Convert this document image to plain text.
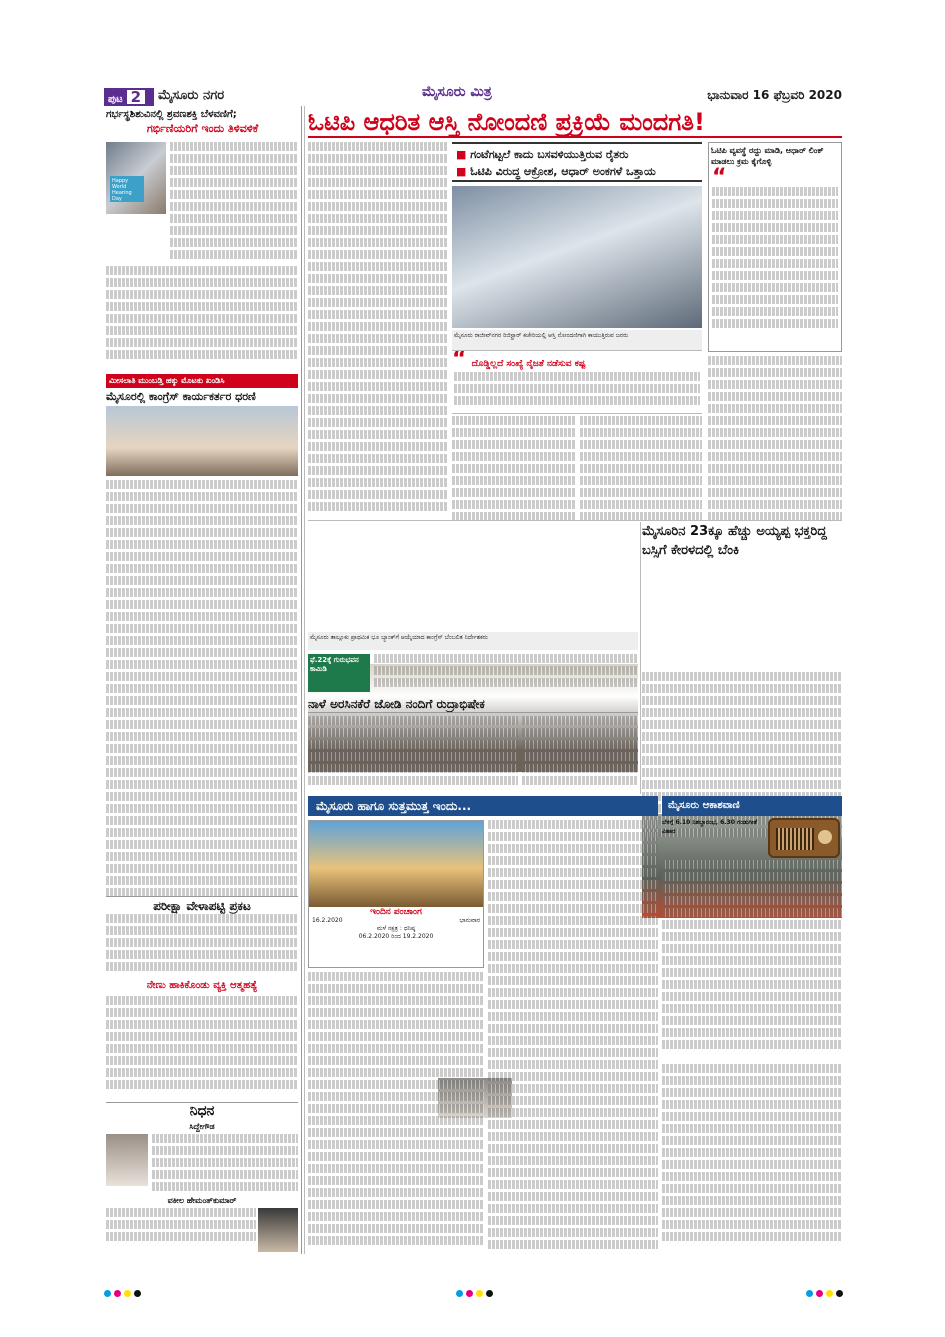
ಪುಟ 2	ಮೈಸೂರು ನಗರ	ಮೈಸೂರು ಮಿತ್ರ	ಭಾನುವಾರ 16 ಫೆಬ್ರವರಿ 2020
ಗರ್ಭಸ್ಥಶಿಶುವಿನಲ್ಲಿ ಶ್ರವಣಶಕ್ತಿ ಬೆಳವಣಿಗೆ;
ಗರ್ಭಿಣಿಯರಿಗೆ ಇಂದು ತಿಳಿವಳಿಕೆ
Happy World Hearing Day
ಮೀಸಲಾತಿ ಮುಂಬಡ್ತಿ ಹಕ್ಕು ಮೊಟಕು ಖಂಡಿಸಿ
ಮೈಸೂರಲ್ಲಿ ಕಾಂಗ್ರೆಸ್ ಕಾರ್ಯಕರ್ತರ ಧರಣಿ
ಪರೀಕ್ಷಾ ವೇಳಾಪಟ್ಟಿ ಪ್ರಕಟ
ನೇಣು ಹಾಕಿಕೊಂಡು ವ್ಯಕ್ತಿ ಆತ್ಮಹತ್ಯೆ
ನಿಧನ
ಸಿದ್ದೇಗೌಡ
ವಕೀಲ ಹೇಮಂತ್‌ಕುಮಾರ್
ಓಟಿಪಿ ಆಧರಿತ ಆಸ್ತಿ ನೋಂದಣಿ ಪ್ರಕ್ರಿಯೆ ಮಂದಗತಿ!
■ ಗಂಟೆಗಟ್ಟಲೆ ಕಾದು ಬಸವಳಿಯುತ್ತಿರುವ ರೈತರು
■ ಓಟಿಪಿ ವಿರುದ್ಧ ಆಕ್ರೋಶ, ಆಧಾರ್ ಅಂಕಗಳೆ ಒತ್ತಾಯ
ಮೈಸೂರು ರಾಜೀವ್‌ನಗರ ರಿಜಿಸ್ಟ್ರಾರ್ ಕಚೇರಿಯಲ್ಲಿ ಆಸ್ತಿ ನೋಂದಣಿಗಾಗಿ ಕಾಯುತ್ತಿರುವ ಜನರು
“ ದೊಡ್ಡಿಲ್ಲದೆ ಸಂಖ್ಯೆ ನೈಜತೆ ನಡೆಸುವ ಕಷ್ಟ
ಓಟಿಪಿ ವ್ಯವಸ್ಥೆ ರದ್ದು ಮಾಡಿ, ಆಧಾರ್ ಲಿಂಕ್ ಮಾಡಲು ಕ್ರಮ ಕೈಗೊಳ್ಳಿ
“
ಮೈಸೂರು ತಾಲ್ಲೂಕು ಪ್ರಾಥಮಿಕ ಭೂ ಬ್ಯಾಂಕ್‌ಗೆ ಆಯ್ಕೆಯಾದ ಕಾಂಗ್ರೆಸ್ ಬೆಂಬಲಿತ ನಿರ್ದೇಶಕರು
ಮೈಸೂರಿನ 23ಕ್ಕೂ ಹೆಚ್ಚು ಅಯ್ಯಪ್ಪ ಭಕ್ತರಿದ್ದ ಬಸ್ಸಿಗೆ ಕೇರಳದಲ್ಲಿ ಬೆಂಕಿ
ಫೆ.22ಕ್ಕೆ ಗುರುಭವನ ಕಾಮಿಡಿ
ನಾಳೆ ಅರಸಿನಕೆರೆ ಜೋಡಿ ನಂದಿಗೆ ರುದ್ರಾಭಿಷೇಕ
ಮೈಸೂರು ಹಾಗೂ ಸುತ್ತಮುತ್ತ ಇಂದು...
ಇಂದಿನ ಪಂಚಾಂಗ
16.2.2020	ಭಾನುವಾರ
ಮಳೆ ನಕ್ಷತ್ರ : ಧನಿಷ್ಠ
06.2.2020 ರಿಂದ 19.2.2020
ಮೈಸೂರು ಆಕಾಶವಾಣಿ
ಬೆಳಿಗ್ಗೆ 6.10 ನಿಶಬ್ದಾರಂಭ, 6.30 ಗಂಡುಗೀತೆ ವಿಹಾರ
